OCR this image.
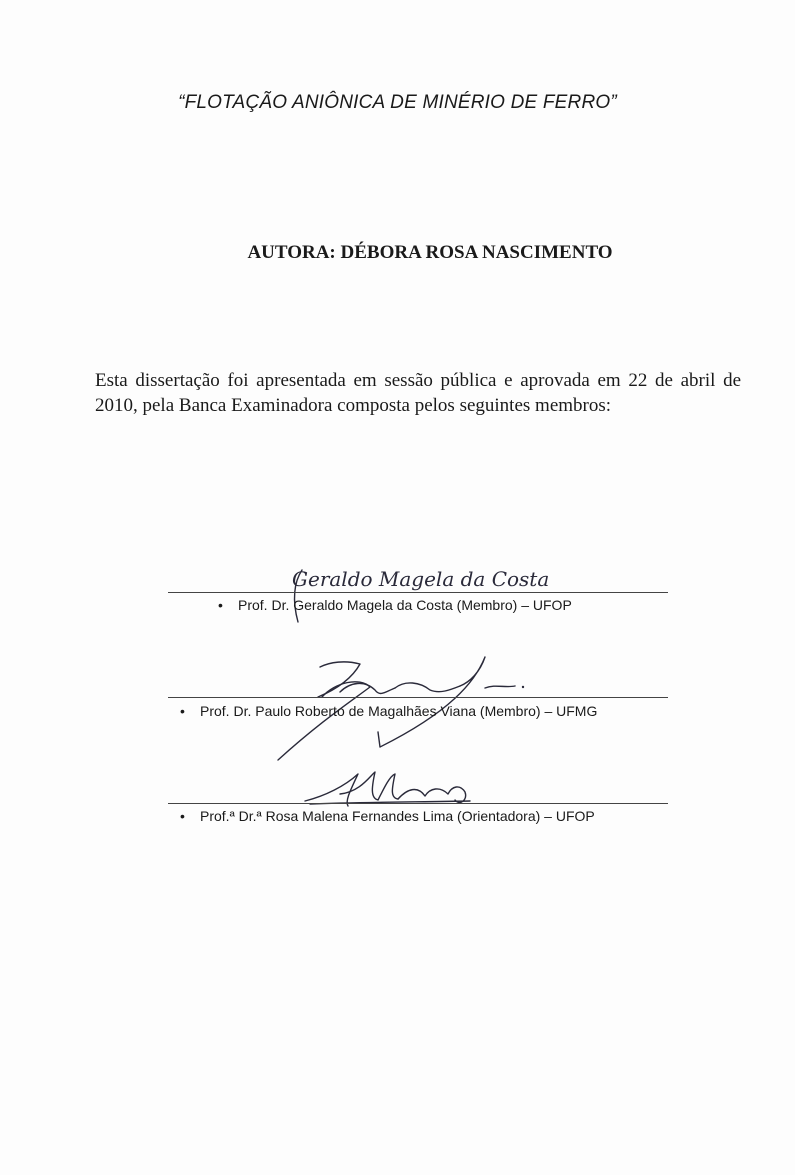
“FLOTAÇÃO ANIÔNICA DE MINÉRIO DE FERRO”
AUTORA: DÉBORA ROSA NASCIMENTO
Esta dissertação foi apresentada em sessão pública e aprovada em 22 de abril de 2010, pela Banca Examinadora composta pelos seguintes membros:
Geraldo Magela da Costa
• Prof. Dr. Geraldo Magela da Costa (Membro) – UFOP
• Prof. Dr. Paulo Roberto de Magalhães Viana (Membro) – UFMG
• Prof.ª Dr.ª Rosa Malena Fernandes Lima (Orientadora) – UFOP
